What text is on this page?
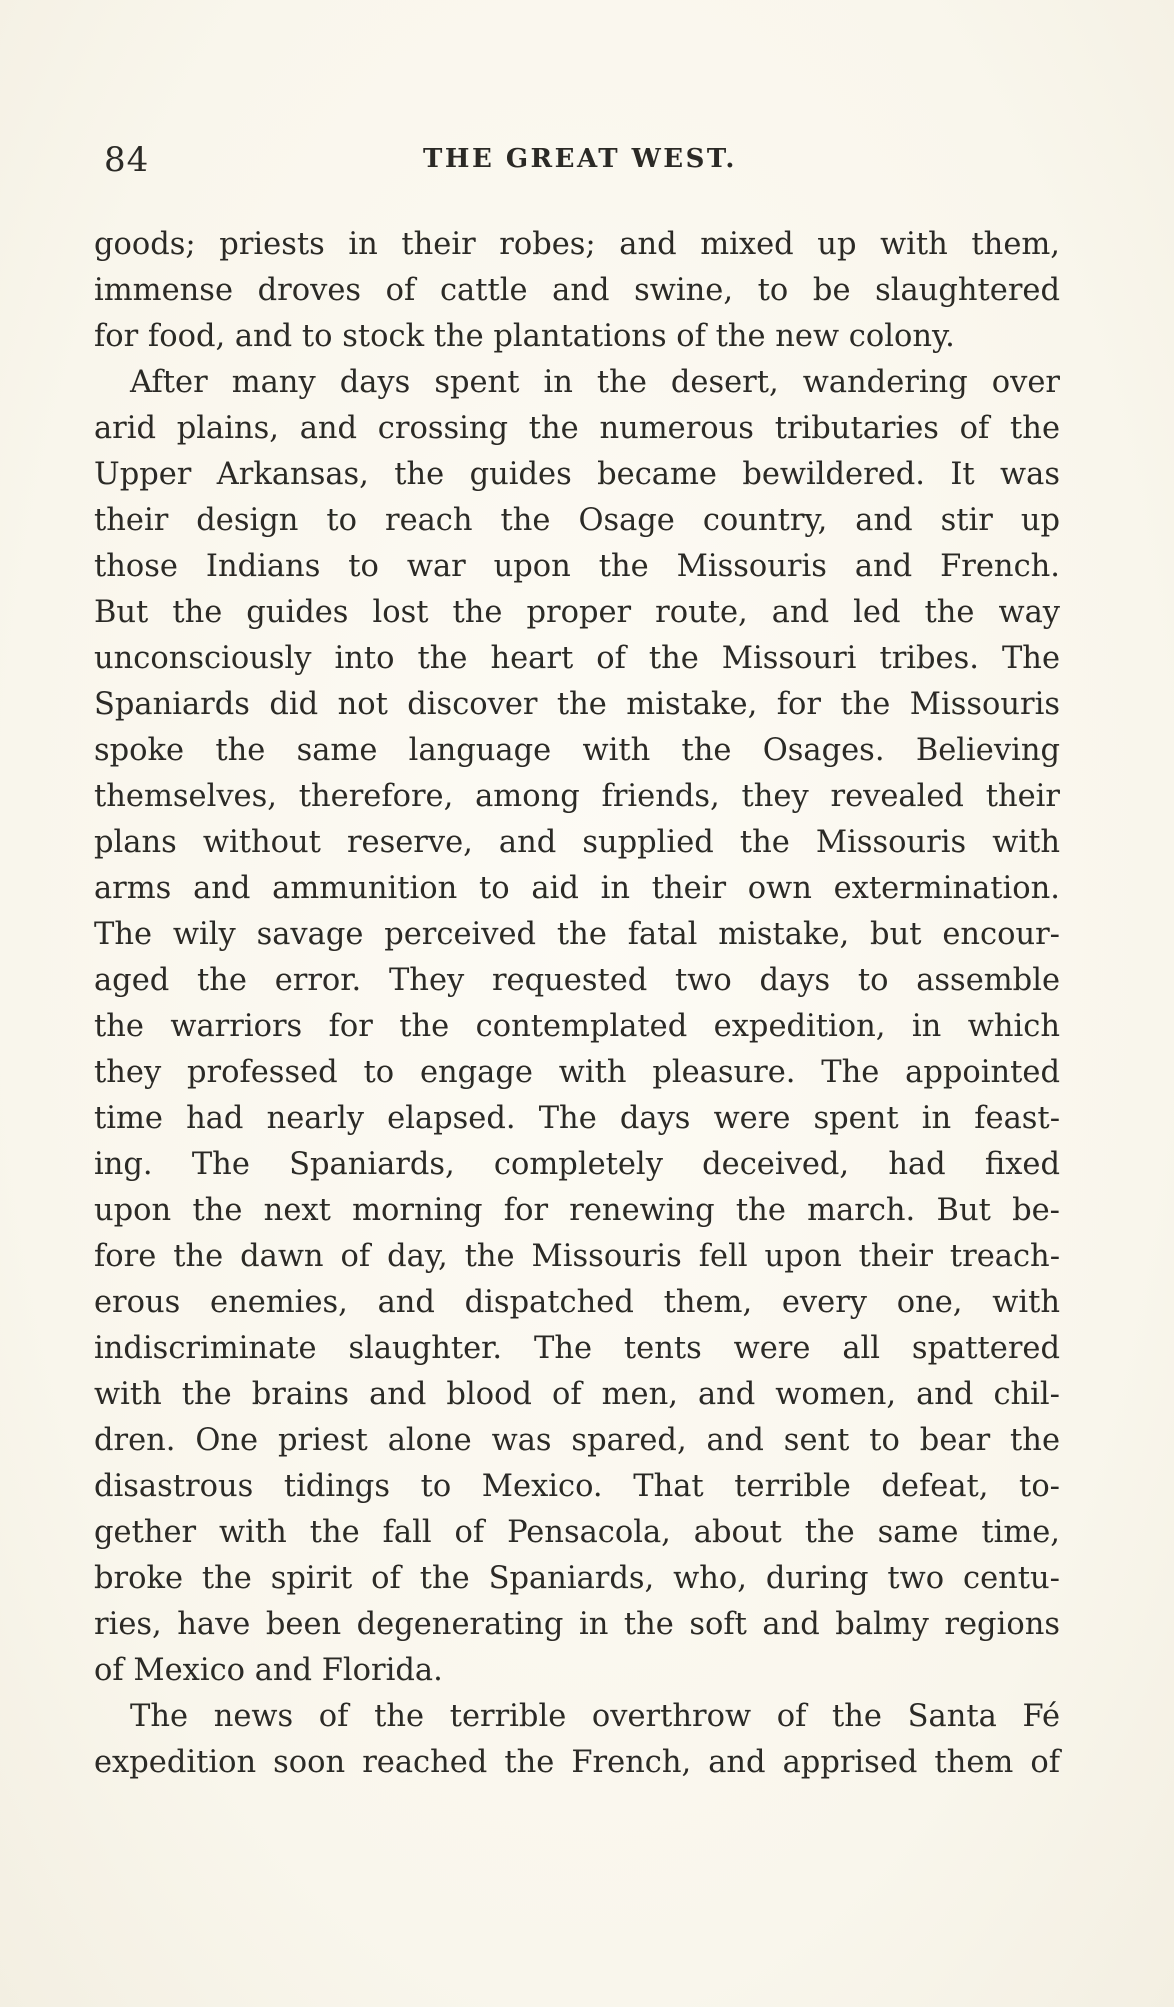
84	THE GREAT WEST.
goods; priests in their robes; and mixed up with them,
immense droves of cattle and swine, to be slaughtered
for food, and to stock the plantations of the new colony.
After many days spent in the desert, wandering over
arid plains, and crossing the numerous tributaries of the
Upper Arkansas, the guides became bewildered. It was
their design to reach the Osage country, and stir up
those Indians to war upon the Missouris and French.
But the guides lost the proper route, and led the way
unconsciously into the heart of the Missouri tribes. The
Spaniards did not discover the mistake, for the Missouris
spoke the same language with the Osages. Believing
themselves, therefore, among friends, they revealed their
plans without reserve, and supplied the Missouris with
arms and ammunition to aid in their own extermination.
The wily savage perceived the fatal mistake, but encour-
aged the error. They requested two days to assemble
the warriors for the contemplated expedition, in which
they professed to engage with pleasure. The appointed
time had nearly elapsed. The days were spent in feast-
ing. The Spaniards, completely deceived, had fixed
upon the next morning for renewing the march. But be-
fore the dawn of day, the Missouris fell upon their treach-
erous enemies, and dispatched them, every one, with
indiscriminate slaughter. The tents were all spattered
with the brains and blood of men, and women, and chil-
dren. One priest alone was spared, and sent to bear the
disastrous tidings to Mexico. That terrible defeat, to-
gether with the fall of Pensacola, about the same time,
broke the spirit of the Spaniards, who, during two centu-
ries, have been degenerating in the soft and balmy regions
of Mexico and Florida.
The news of the terrible overthrow of the Santa Fé
expedition soon reached the French, and apprised them of
